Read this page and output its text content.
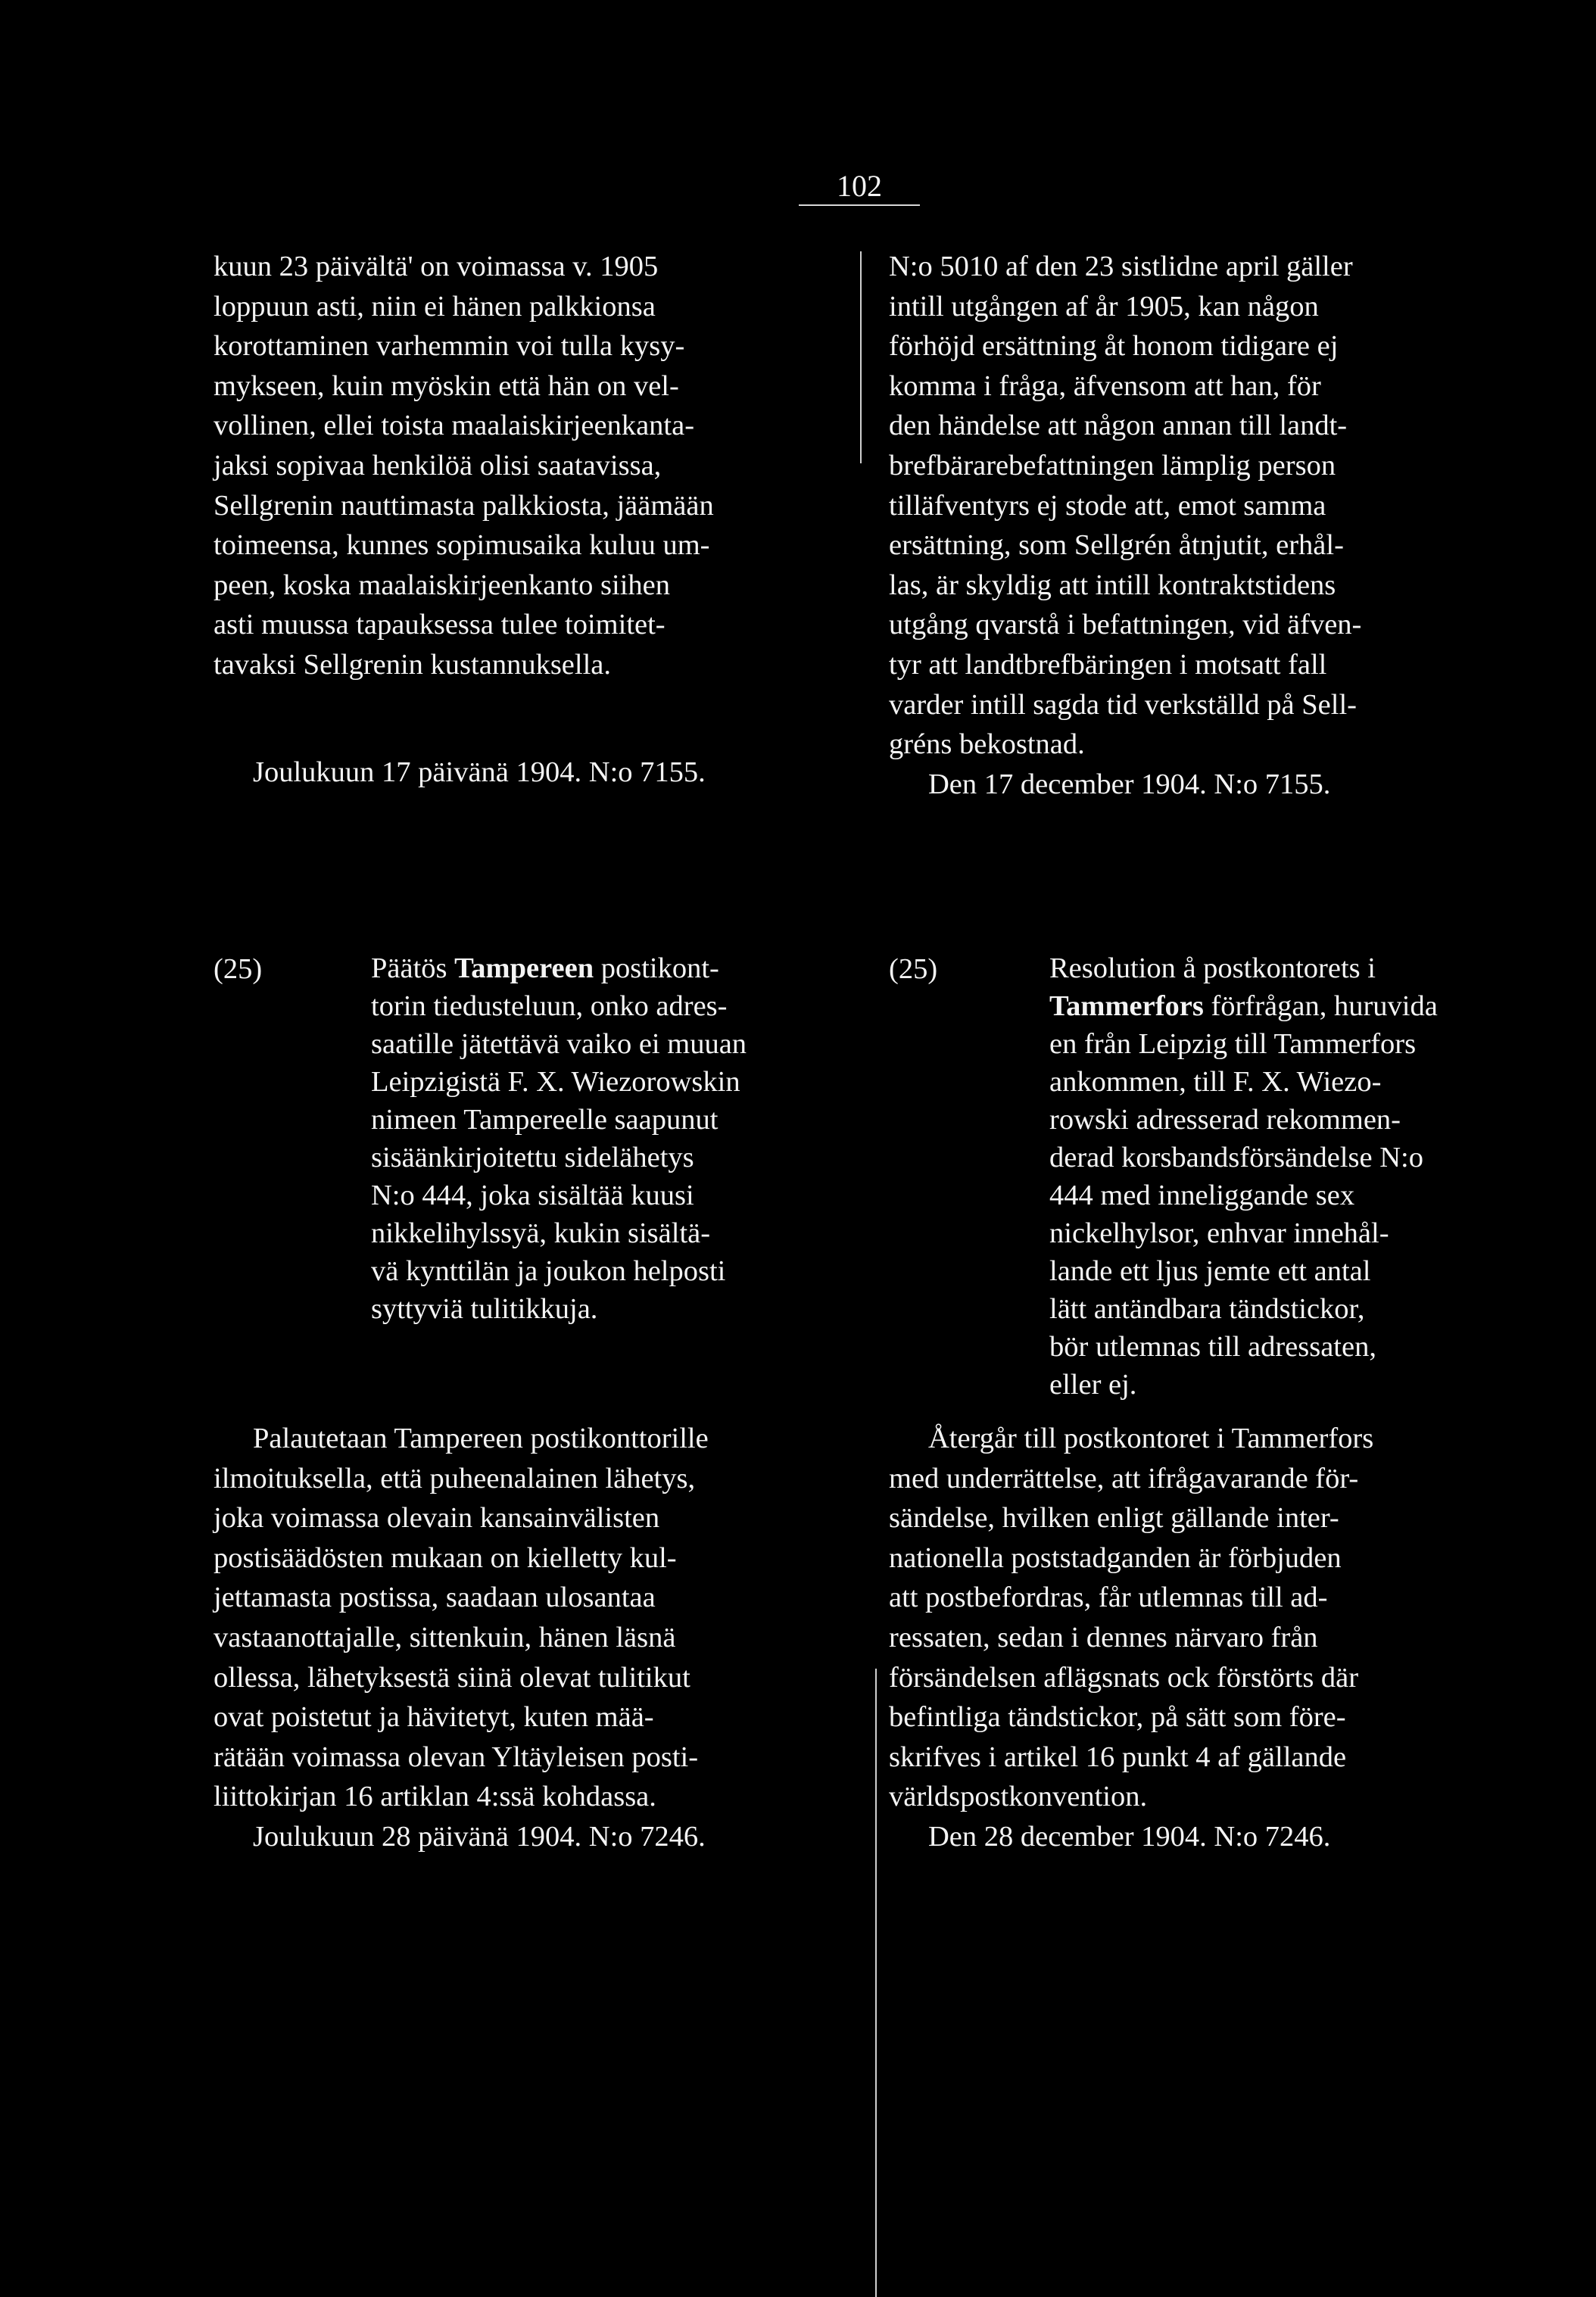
102
kuun 23 päivältä' on voimassa v. 1905
loppuun asti, niin ei hänen palkkionsa
korottaminen varhemmin voi tulla kysy-
mykseen, kuin myöskin että hän on vel-
vollinen, ellei toista maalaiskirjeenkanta-
jaksi sopivaa henkilöä olisi saatavissa,
Sellgrenin nauttimasta palkkiosta, jäämään
toimeensa, kunnes sopimusaika kuluu um-
peen, koska maalaiskirjeenkanto siihen
asti muussa tapauksessa tulee toimitet-
tavaksi Sellgrenin kustannuksella.
Joulukuun 17 päivänä 1904. N:o 7155.
N:o 5010 af den 23 sistlidne april gäller
intill utgången af år 1905, kan någon
förhöjd ersättning åt honom tidigare ej
komma i fråga, äfvensom att han, för
den händelse att någon annan till landt-
brefbärarebefattningen lämplig person
tilläfventyrs ej stode att, emot samma
ersättning, som Sellgrén åtnjutit, erhål-
las, är skyldig att intill kontraktstidens
utgång qvarstå i befattningen, vid äfven-
tyr att landtbrefbäringen i motsatt fall
varder intill sagda tid verkställd på Sell-
gréns bekostnad.
Den 17 december 1904. N:o 7155.
(25)	Päätös Tampereen postikont-
torin tiedusteluun, onko adres-
saatille jätettävä vaiko ei muuan
Leipzigistä F. X. Wiezorowskin
nimeen Tampereelle saapunut
sisäänkirjoitettu sidelähetys
N:o 444, joka sisältää kuusi
nikkelihylssyä, kukin sisältä-
vä kynttilän ja joukon helposti
syttyviä tulitikkuja.
Palautetaan Tampereen postikonttorille
ilmoituksella, että puheenalainen lähetys,
joka voimassa olevain kansainvälisten
postisäädösten mukaan on kielletty kul-
jettamasta postissa, saadaan ulosantaa
vastaanottajalle, sittenkuin, hänen läsnä
ollessa, lähetyksestä siinä olevat tulitikut
ovat poistetut ja hävitetyt, kuten mää-
rätään voimassa olevan Yltäyleisen posti-
liittokirjan 16 artiklan 4:ssä kohdassa.
Joulukuun 28 päivänä 1904. N:o 7246.
(25)	Resolution å postkontorets i
Tammerfors förfrågan, huruvida
en från Leipzig till Tammerfors
ankommen, till F. X. Wiezo-
rowski adresserad rekommen-
derad korsbandsförsändelse N:o
444 med inneliggande sex
nickelhylsor, enhvar innehål-
lande ett ljus jemte ett antal
lätt antändbara tändstickor,
bör utlemnas till adressaten,
eller ej.
Återgår till postkontoret i Tammerfors
med underrättelse, att ifrågavarande för-
sändelse, hvilken enligt gällande inter-
nationella poststadganden är förbjuden
att postbefordras, får utlemnas till ad-
ressaten, sedan i dennes närvaro från
försändelsen aflägsnats ock förstörts där
befintliga tändstickor, på sätt som före-
skrifves i artikel 16 punkt 4 af gällande
världspostkonvention.
Den 28 december 1904. N:o 7246.
